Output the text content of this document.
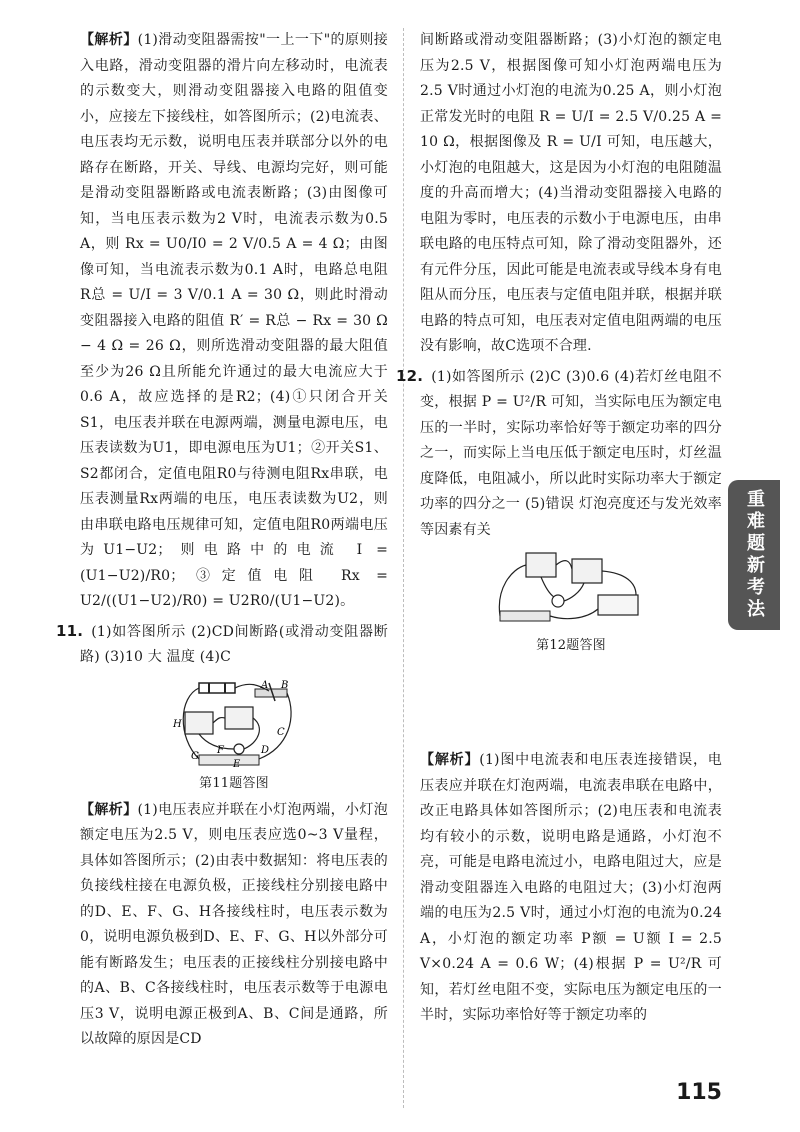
【解析】(1)滑动变阻器需按"一上一下"的原则接入电路，滑动变阻器的滑片向左移动时，电流表的示数变大，则滑动变阻器接入电路的阻值变小，应接左下接线柱，如答图所示；(2)电流表、电压表均无示数，说明电压表并联部分以外的电路存在断路，开关、导线、电源均完好，则可能是滑动变阻器断路或电流表断路；(3)由图像可知，当电压表示数为2 V时，电流表示数为0.5 A，则 Rx = U0/I0 = 2 V/0.5 A = 4 Ω；由图像可知，当电流表示数为0.1 A时，电路总电阻 R总 = U/I = 3 V/0.1 A = 30 Ω，则此时滑动变阻器接入电路的阻值 R′ = R总 − Rx = 30 Ω − 4 Ω = 26 Ω，则所选滑动变阻器的最大阻值至少为26 Ω且所能允许通过的最大电流应大于0.6 A，故应选择的是R2；(4)①只闭合开关S1，电压表并联在电源两端，测量电源电压，电压表读数为U1，即电源电压为U1；②开关S1、S2都闭合，定值电阻R0与待测电阻Rx串联，电压表测量Rx两端的电压，电压表读数为U2，则由串联电路电压规律可知，定值电阻R0两端电压为U1−U2；则电路中的电流 I = (U1−U2)/R0；③定值电阻 Rx = U2/((U1−U2)/R0) = U2R0/(U1−U2)。

11. (1)如答图所示 (2)CD间断路(或滑动变阻器断路) (3)10 大 温度 (4)C

A B
C
D
E
F
G
H
第11题答图

【解析】(1)电压表应并联在小灯泡两端，小灯泡额定电压为2.5 V，则电压表应选0~3 V量程，具体如答图所示；(2)由表中数据知：将电压表的负接线柱接在电源负极，正接线柱分别接电路中的D、E、F、G、H各接线柱时，电压表示数为0，说明电源负极到D、E、F、G、H以外部分可能有断路发生；电压表的正接线柱分别接电路中的A、B、C各接线柱时，电压表示数等于电源电压3 V，说明电源正极到A、B、C间是通路，所以故障的原因是CD

间断路或滑动变阻器断路；(3)小灯泡的额定电压为2.5 V，根据图像可知小灯泡两端电压为2.5 V时通过小灯泡的电流为0.25 A，则小灯泡正常发光时的电阻 R = U/I = 2.5 V/0.25 A = 10 Ω，根据图像及 R = U/I 可知，电压越大，小灯泡的电阻越大，这是因为小灯泡的电阻随温度的升高而增大；(4)当滑动变阻器接入电路的电阻为零时，电压表的示数小于电源电压，由串联电路的电压特点可知，除了滑动变阻器外，还有元件分压，因此可能是电流表或导线本身有电阻从而分压，电压表与定值电阻并联，根据并联电路的特点可知，电压表对定值电阻两端的电压没有影响，故C选项不合理.

12. (1)如答图所示 (2)C (3)0.6 (4)若灯丝电阻不变，根据 P = U²/R 可知，当实际电压为额定电压的一半时，实际功率恰好等于额定功率的四分之一，而实际上当电压低于额定电压时，灯丝温度降低，电阻减小，所以此时实际功率大于额定功率的四分之一 (5)错误 灯泡亮度还与发光效率等因素有关

第12题答图

【解析】(1)图中电流表和电压表连接错误，电压表应并联在灯泡两端，电流表串联在电路中，改正电路具体如答图所示；(2)电压表和电流表均有较小的示数，说明电路是通路，小灯泡不亮，可能是电路电流过小，电路电阻过大，应是滑动变阻器连入电路的电阻过大；(3)小灯泡两端的电压为2.5 V时，通过小灯泡的电流为0.24 A，小灯泡的额定功率 P额 = U额 I = 2.5 V×0.24 A = 0.6 W；(4)根据 P = U²/R 可知，若灯丝电阻不变，实际电压为额定电压的一半时，实际功率恰好等于额定功率的

重难题新考法
115
